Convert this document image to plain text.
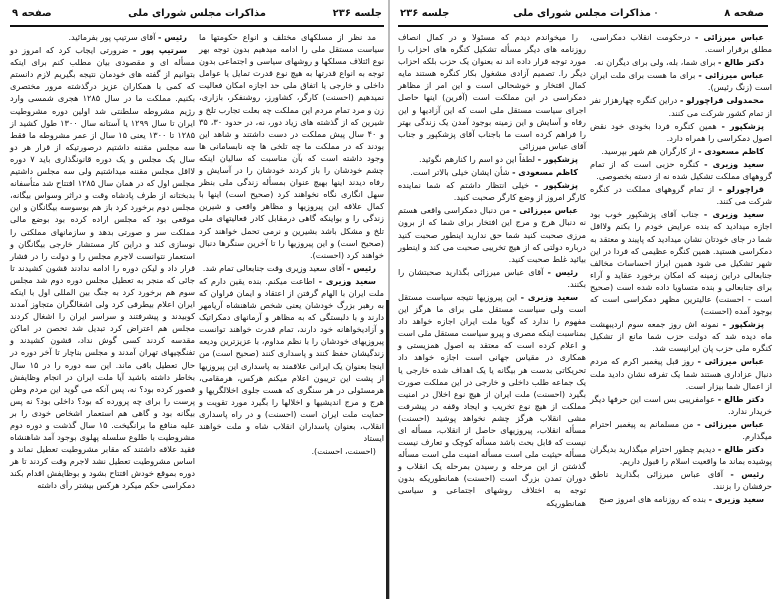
جلسه ۲۳۶
مذاکرات مجلس شورای ملی
صفحه ۹

مد نظر از مسلکهای مختلف و انواع حکومتها ما سیاست مستقل ملی را ادامه میدهیم بدون توجه بهر نوع ائتلاف مسلکها و روشهای سیاسی و اجتماعی بدون توجه به انواع قدرتها به هیچ نوع قدرت تمایل یا عوامل داخلی و خارجی یا اتفاق ملی حد اجازه امکان فعالیت نمیدهیم (احسنت) کارگر، کشاورز، روشنفکر، بازاری، زن و مرد تمام مردم این مملکت چه بعلت تجارب تلخ و شیرین که از گذشته های زیاد دور، نه، در حدود ۳۰، ۳۵ و ۴۰ سال پیش مملکت در دست داشتند و شاهد این بودند که در مملکت ما چه تلخی ها چه نابسامانی ها وجود داشته است که بآن مناسبت که سالیان اینکه چشم خودشان را باز کردند خودشان را در آسایش و رفاه دیدند اینها بهیچ عنوان بمسأله زندگی ملی بنظر سهل انگاری نگاه نخواهند کرد (صحیح است) اینها با کمال علاقه این پیروزیها و مظاهر واقعی و شیرین زندگی را و بواینکه گاهی درمقابل کادر فعالیتهای ملی تلخ و مشکل باشد بشیرین و نرمی تحمل خواهند کرد (صحیح است) و این پیروزیها را تا آخرین سنگرها دنبال خواهند کرد (احسنت).

رئیس - آقای سعید وزیری وقت جنابعالی تمام شد.

سعید وزیری - اطاعت میکنم. بنده یقین دارم که ملت ایران با الهام گرفتن از اعتقاد و ایمان فراوان که به رهبر بزرگ خودشان یعنی شخص شاهنشاه آریامهر دارند و با دلبستگی که به مظاهر و آرمانهای دمکراتیک و آزادیخواهانه خود دارند، تمام قدرت خواهند توانست پیروزیهای خودشان را با نظم مداوم، با عزیزترین ودیعه زندگیشان حفظ کنند و پاسداری کنند (صحیح است) من اینجا بعنوان یک ایرانی علاقمند به پاسداری این پیروزیها از پشت این تریبون اعلام میکنم هرکس، هرمقامی، هرمسئولی در هر سنگری که هست جلوی اخلالگریها و هرج و مرج اندیشیها و اخلالها را بگیرد مورد تقویت و حمایت ملت ایران است (احسنت) و در راه پاسداری انقلاب، بعنوان پاسداران انقلاب شاه و ملت خواهند ایستاد

(احسنت، احسنت).

رئیس - آقای سرتیپ پور بفرمائید.

سرتیپ پور - ضرورتی ایجاب کرد که امروز دو مسأله ای و مقصودی بیان مطلب کنم برای اینکه بتوانیم از گفته های خودمان نتیجه بگیریم لازم دانستم که کمی با همکاران عزیز درگذشته مرور مختصری بکنیم. مملکت ما در سال ۱۲۸۵ هجری شمسی وارد رژیم مشروطه سلطنتی شد اولین دوره مشروطیت ایران تا سال ۱۲۹۹ یا آستانه سال ۱۳۰۰ طول کشید از ۱۲۸۵ تا ۱۳۰۰ یعنی ۱۵ سال از عمر مشروطه ما فقط سه مجلس مقننه داشتیم درصورتیکه از قرار هر دو سال یک مجلس و یک دوره قانونگذاری باید ۷ دوره لااقل مجلس مقننه میداشتیم ولی سه مجلس داشتیم مجلس اول که در همان سال ۱۲۸۵ افتتاح شد متأسفانه بدبختانه از طرف پادشاه وقت و دراثر وسواس بیگانه، مجلس دوم برخورد کرد باز هم بوسوسه بیگانگان و این موقعی بود که مجلس اراده کرده بود بوضع مالی مملکت سر و صورتی بدهد و سازمانهای مملکتی را نوسازی کند و دراین کار مستشار خارجی بیگانگان و استعمار نتوانست لاجرم مجلس را و دولت را در فشار قرار داد و لیکن دوره را ادامه ندادند قشون کشیدند تا جائی که منجر به تعطیل مجلس دوره دوم شد مجلس سوم هم برخورد کرد به جنگ بین المللی اول با اینکه ایران اعلام بیطرفی کرد ولی اشغالگران متجاوز آمدند کوبیدند و پیشرفتند و سراسر ایران را اشغال کردند مجلس هم اعتراض کرد تبدیل شد تحصن در اماکن مقدسه کردند کسی گوش نداد، قشون کشیدند و تفنگچیهای تهران آمدند و مجلس بناچار تا آخر دوره در حال تعطیل باقی ماند. این سه دوره را در ۱۵ سال بخاطر داشته باشید آیا ملت ایران در انجام وظایفش قصور کرده بود؟ نه، پس آنکه می گوید این مردم وطن پرست را برای چه پرورده که بود؟ داخلی بود؟ نه پس بیگانه بود و گاهی هم استعمار اشخاص خودی را بر علیه منافع ما برانگیخت. ۱۵ سال گذشت و دوره دوم مشروطیت با طلوع سلسله پهلوی بوجود آمد شاهنشاه فقید علاقه داشتند که مقابر مشروطیت تعطیل نماند و اساس مشروطیت تعطیل نشد لاجرم وقت کردند تا هر دوره بموقع خودش افتتاح بشود و بوظایفش اقدام بکند دمکراسی حکم میکرد هرکس بیشتر رأی داشته

صفحه ۸
مذاکرات مجلس شورای ملی
جلسه ۲۳۶

عباس میرزائی - درحکومت انقلاب دمکراسی، مطلق برقرار است.

دکتر طالع - برای شما، بله، ولی برای دیگران نه.

عباس میرزائی - برای ما هست برای ملت ایران است (زنگ رئیس).

محمدولی قراچورلو - دراین کنگره چهارهزار نفر از تمام کشور شرکت می کنند.

پزشکپور - همین کنگره فردا بخودی خود نقض اصول دمکراسی را همراه دارد.

کاظم مسعودی - از کارگران هم شهر بپرسید.

سعید وزیری - کنگره حزبی است که از تمام گروههای مملکت تشکیل شده نه از دسته بخصوصی.

قراچورلو - از تمام گروههای مملکت در کنگره شرکت می کنند.

سعید وزیری - جناب آقای پزشکپور خوب بود اجازه میدادید که بنده عرایض خودم را بکنم ولااقل شما در جای خودتان نشان میدادید که پایبند و معتقد به دمکراسی هستید. همین کنگره عظیمی که فردا در این شهر تشکیل می شود همین ابراز احساسات مخالف جنابعالی دراین زمینه که امکان برخورد عقاید و آراء برای جنابعالی و بنده متساویا داده شده است (صحیح است - احسنت) عالیترین مظهر دمکراسی است که بوجود آمده (احسنت)

پزشکپور - نمونه اش روز جمعه سوم اردیبهشت ماه دیده شد که دولت حزب شما مانع از تشکیل کنگره ملی حزب پان ایرانیست شد.

عباس میرزائی - روز قبل پیغمبر اکرم که مردم دنبال عزاداری هستند شما یک تفرقه نشان دادید ملت از اعمال شما بیزار است.

دکتر طالع - عوامفریبی بس است این حرفها دیگر خریدار ندارد.

عباس میرزائی - من مسلمانم به پیغمبر احترام میگذارم.

دکتر طالع - دیدیم چطور احترام میگذارید بدیگران پوشیده بماند ما واقعیت اسلام را قبول داریم.

رئیس - آقای عباس میرزائی بگذارید ناطق حرفشان را بزنند.

سعید وزیری - بنده که روزنامه های امروز صبح

را میخواندم دیدم که مسئولا و در کمال انصاف روزنامه های دیگر مسأله تشکیل کنگره های احزاب را مورد توجه قرار داده اند نه بعنوان یک حزب بلکه احزاب دیگر را. تصمیم آزادی مشغول بکار کنگره هستند مایه کمال افتخار و خوشحالی است و این امر از مظاهر دمکراسی در این مملکت است (آفرین) اینها حاصل اجرای سیاست مستقل ملی است که این آزادیها و این رفاه و آسایش و این زمینه بوجود آمدن یک زندگی بهتر را فراهم کرده است ما باجناب آقای پزشکپور و جناب آقای عباس میرزائی

پزشکپور - لطفاً این دو اسم را کنارهم نگوئید.

کاظم مسعودی - شأن ایشان خیلی بالاتر است.

پزشکپور - خیلی انتظار داشتم که شما نماینده کارگر امروز از وضع کارگر صحبت کنید.

عباس میرزائی - من دنبال دمکراسی واقعی هستم نه دنبال هرج و مرج این افتخار برای شما که از برون مرزی صحبت کنید شما حق ندارید اینطور صحبت کنید درباره دولتی که از هیچ تخریبی صحبت می کند و اینطور بیائید غلط صحبت کنید.

رئیس - آقای عباس میرزائی بگذارید صحبتشان را بکنند.

سعید وزیری - این پیروزیها نتیجه سیاست مستقل است ولی سیاست مستقل ملی برای ما هرگز این مفهوم را ندارد که گویا ملت ایران اجازه خواهد داد بمناسبت اینکه مصری و پیرو سیاست مستقل ملی است و اعلام کرده است که معتقد به اصول همزیستی و همکاری در مقیاس جهانی است اجازه خواهد داد تحریکاتی بدست هر بیگانه یا یک اهداف شده خارجی یا یک جماعه طلب داخلی و خارجی در این مملکت صورت بگیرد (احسنت) ملت ایران از هیچ نوع اخلال در امنیت مملکت از هیچ نوع تخریب و ایجاد وقفه در پیشرفت مشی انقلاب هرگز چشم نخواهد پوشید (احسنت) مسأله انقلاب، پیروزیهای حاصل از انقلاب، مسأله ای نیست که قابل بحث باشد مسأله کوچک و تعارف نیست مسأله حیثیت ملی است مسأله امنیت ملی است مسأله گذشتن از این مرحله و رسیدن بمرحله یک انقلاب و دوران تمدن بزرگ است (احسنت) همانطوریکه بدون توجه به اختلاف روشهای اجتماعی و سیاسی همانطوریکه
